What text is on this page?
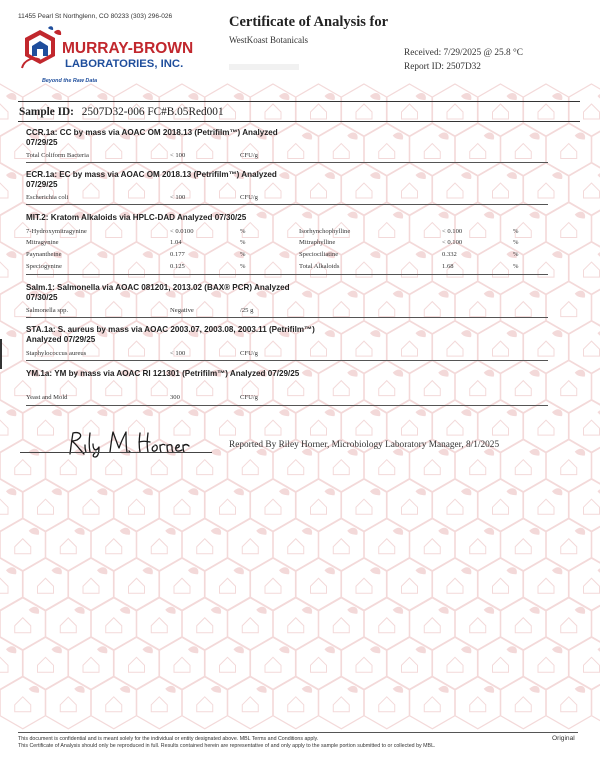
11455 Pearl St Northglenn, CO 80233 (303) 296-026
MURRAY-BROWN
LABORATORIES, INC.
Beyond the Raw Data
Certificate of Analysis for
WestKoast Botanicals
Received: 7/29/2025 @ 25.8 °C
Report ID: 2507D32
Sample ID: 2507D32-006 FC#B.05Red001
CCR.1a: CC by mass via AOAC OM 2018.13 (Petrifilm™) Analyzed 07/29/25
Total Coliform Bacteria	< 100	CFU/g
ECR.1a: EC by mass via AOAC OM 2018.13 (Petrifilm™) Analyzed 07/29/25
Escherichia coli	< 100	CFU/g
MIT.2: Kratom Alkaloids via HPLC-DAD Analyzed 07/30/25
7-Hydroxymitragynine	< 0.0100	%	Isorhynchophylline	< 0.100	%
Mitragynine	1.04	%	Mitraphylline	< 0.100	%
Paynantheine	0.177	%	Speciociliatine	0.332	%
Speciogynine	0.125	%	Total Alkaloids	1.68	%
Salm.1: Salmonella via AOAC 081201, 2013.02 (BAX® PCR) Analyzed 07/30/25
Salmonella spp.	Negative	/25 g
STA.1a: S. aureus by mass via AOAC 2003.07, 2003.08, 2003.11 (Petrifilm™) Analyzed 07/29/25
Staphylococcus aureus	< 100	CFU/g
YM.1a: YM by mass via AOAC RI 121301 (Petrifilm™) Analyzed 07/29/25
Yeast and Mold	300	CFU/g
Reported By Riley Horner, Microbiology Laboratory Manager, 8/1/2025
This document is confidential and is meant solely for the individual or entity designated above. MBL Terms and Conditions apply.
This Certificate of Analysis should only be reproduced in full. Results contained herein are representative of and only apply to the sample portion submitted to or collected by MBL.
Original
